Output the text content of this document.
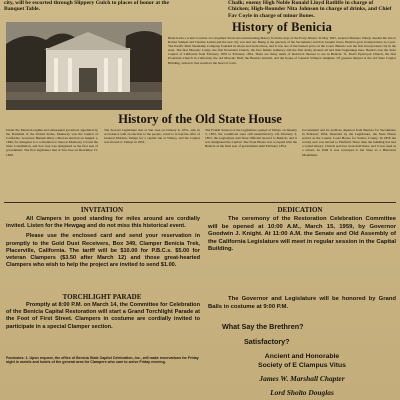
city, will be escorted through Slippery Gulch to places of honor at the Banquet Table.
Chalk; enemy High Noble Ronald Lloyd Ratliffe in charge of Chicken; High-Bounder Nita Johnson in charge of drinks, and Chief Fav Coyle in charge of minor Bones.
History of Benicia
Benicia has a scenic location on Carquinez Strait and an interesting history from the days of the Forty-Niners. In May 1847, General Mariano Vallejo deeded the site to Robert Semple and Thomas Larkin and the new city was laid out. Being at the gateway of the Sacramento and San Joaquin rivers, Benicia grew in importance as a port. The Pacific Mail Steamship Company founded its shops and docks there, and it was one of the busiest ports on the Coast. Benicia was the first incorporated city in the state. The first Masonic Lodge, the first Protestant Church, the first female seminary and the first Army Arsenal all had their beginnings here. Benicia was the State Capitol of California from February 1853 to February 1854. There are many items of historical interest to see in Benicia: St. Paul's Episcopal Church, the first Protestant Church in California; the old Masonic Hall; the Benicia Arsenal, and the house of General Vallejo's daughter. Of greatest interest is the old State Capitol Building, restored, that stands in the heart of town.
History of the Old State House
Under the Mexican regime and subsequent governors appointed by the President of the United States, Monterey was the Capital of California. Governor Bennett Riley called an election on August 1, 1849, for delegates to a convention to meet at Monterey to form the State Constitution, and San Jose was designated as the first seat of government. The first legislature met at San Jose on December 15, 1849.
The Second Legislature met at San Jose on January 6, 1851, and, in accordance with an election to the people, voted to accept the offer of General Mariano Vallejo for a capital site at Vallejo, and the Capitol was moved to Vallejo in 1852.
The Fourth Session of the Legislature opened at Vallejo on January 3, 1853, but conditions were still unsatisfactory. On February 4, 1853, the Legislature and State Officials moved to Benicia, and it was designated the Capitol. The State House was occupied with the Benicia as the final seat of government until February 1854.
Government and its archives departed from Benicia for Sacramento in February 1854. Deserted by the Legislature, the State House served as the County Court House for Solano County. In 1858 the county seat was moved to Fairfield. Since then the building has had a varied history. Church services were held there, and it was used as a school. In 1949 it was conveyed to the State as a Historical Monument.
INVITATION

All Clampers in good standing for miles around are cordially invited. Listen for the Hewgag and do not miss this historical event.

Please use the enclosed card and send your reservation in promptly to the Gold Dust Receivers, Box 349, Clamper Benicia Trek, Placerville, California. The tariff will be $10.00 for P.B.C.s. $5.00 for veteran Clampers ($3.50 after March 12) and those great-hearted Clampers who wish to help the project are invited to send $1.00.

TORCHLIGHT PARADE
Promptly at 8:00 P.M. on March 14, the Committee for Celebration of the Benicia Capital Restoration will start a Grand Torchlight Parade at the Foot of First Street. Clampers in costume are cordially invited to participate in a special Clamper section.
Footnotes: 1. Upon request, the office of Benicia State Capitol Celebration, Inc., will make reservations for Friday night in motels and hotels of the general area for Clampers who care to arrive Friday evening.
DEDICATION
The ceremony of the Restoration Celebration Committee will be opened at 10:00 A.M., March 15, 1959, by Governor Goodwin J. Knight. At 11:00 A.M. the Senate and Old Assembly of the California Legislature will meet in regular session in the Capital Building.
The Governor and Legislature will be honored by Grand Balls in costume at 9:00 P.M.
What Say the Brethren?
Satisfactory?
Ancient and Honorable
Society of E Clampus Vitus
James W. Marshall Chapter
Lord Sholto Douglas
